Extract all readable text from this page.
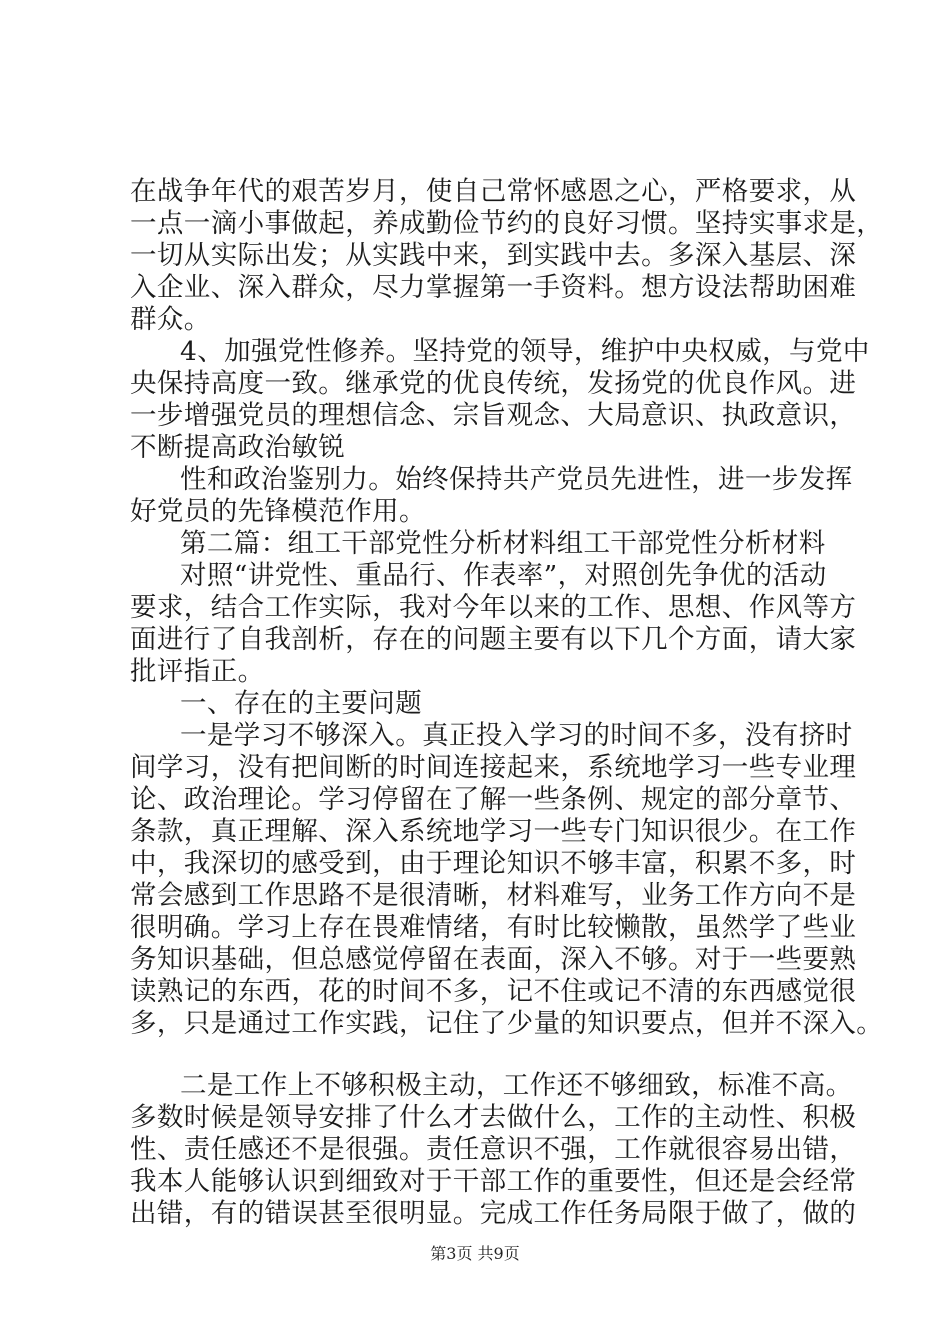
在战争年代的艰苦岁月，使自己常怀感恩之心，严格要求，从
一点一滴小事做起，养成勤俭节约的良好习惯。坚持实事求是，
一切从实际出发；从实践中来，到实践中去。多深入基层、深
入企业、深入群众，尽力掌握第一手资料。想方设法帮助困难
群众。
4、加强党性修养。坚持党的领导，维护中央权威，与党中
央保持高度一致。继承党的优良传统，发扬党的优良作风。进
一步增强党员的理想信念、宗旨观念、大局意识、执政意识，
不断提高政治敏锐
性和政治鉴别力。始终保持共产党员先进性，进一步发挥
好党员的先锋模范作用。
第二篇：组工干部党性分析材料组工干部党性分析材料
对照“讲党性、重品行、作表率”，对照创先争优的活动
要求，结合工作实际，我对今年以来的工作、思想、作风等方
面进行了自我剖析，存在的问题主要有以下几个方面，请大家
批评指正。
一、存在的主要问题
一是学习不够深入。真正投入学习的时间不多，没有挤时
间学习，没有把间断的时间连接起来，系统地学习一些专业理
论、政治理论。学习停留在了解一些条例、规定的部分章节、
条款，真正理解、深入系统地学习一些专门知识很少。在工作
中，我深切的感受到，由于理论知识不够丰富，积累不多，时
常会感到工作思路不是很清晰，材料难写，业务工作方向不是
很明确。学习上存在畏难情绪，有时比较懒散，虽然学了些业
务知识基础，但总感觉停留在表面，深入不够。对于一些要熟
读熟记的东西，花的时间不多，记不住或记不清的东西感觉很
多，只是通过工作实践，记住了少量的知识要点，但并不深入。
二是工作上不够积极主动，工作还不够细致，标准不高。
多数时候是领导安排了什么才去做什么，工作的主动性、积极
性、责任感还不是很强。责任意识不强，工作就很容易出错，
我本人能够认识到细致对于干部工作的重要性，但还是会经常
出错，有的错误甚至很明显。完成工作任务局限于做了，做的
第3页 共9页
